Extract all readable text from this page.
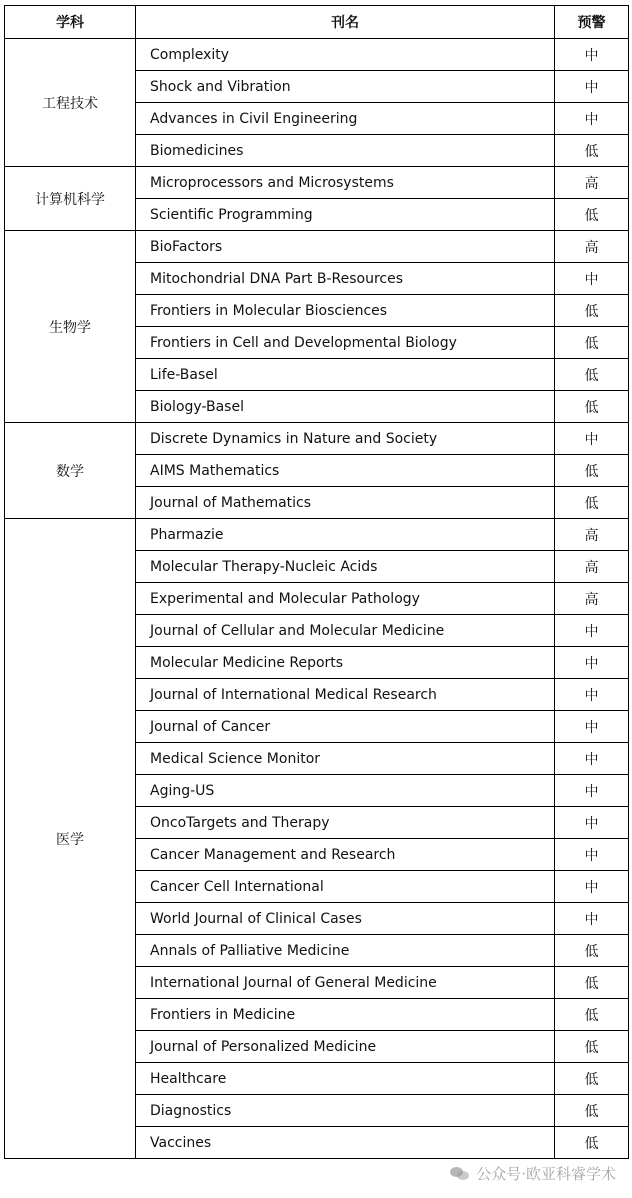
学科	刊名	预警
工程技术	Complexity	中
	Shock and Vibration	中
	Advances in Civil Engineering	中
	Biomedicines	低
计算机科学	Microprocessors and Microsystems	高
	Scientific Programming	低
生物学	BioFactors	高
	Mitochondrial DNA Part B-Resources	中
	Frontiers in Molecular Biosciences	低
	Frontiers in Cell and Developmental Biology	低
	Life-Basel	低
	Biology-Basel	低
数学	Discrete Dynamics in Nature and Society	中
	AIMS Mathematics	低
	Journal of Mathematics	低
医学	Pharmazie	高
	Molecular Therapy-Nucleic Acids	高
	Experimental and Molecular Pathology	高
	Journal of Cellular and Molecular Medicine	中
	Molecular Medicine Reports	中
	Journal of International Medical Research	中
	Journal of Cancer	中
	Medical Science Monitor	中
	Aging-US	中
	OncoTargets and Therapy	中
	Cancer Management and Research	中
	Cancer Cell International	中
	World Journal of Clinical Cases	中
	Annals of Palliative Medicine	低
	International Journal of General Medicine	低
	Frontiers in Medicine	低
	Journal of Personalized Medicine	低
	Healthcare	低
	Diagnostics	低
	Vaccines	低
公众号·欧亚科睿学术
